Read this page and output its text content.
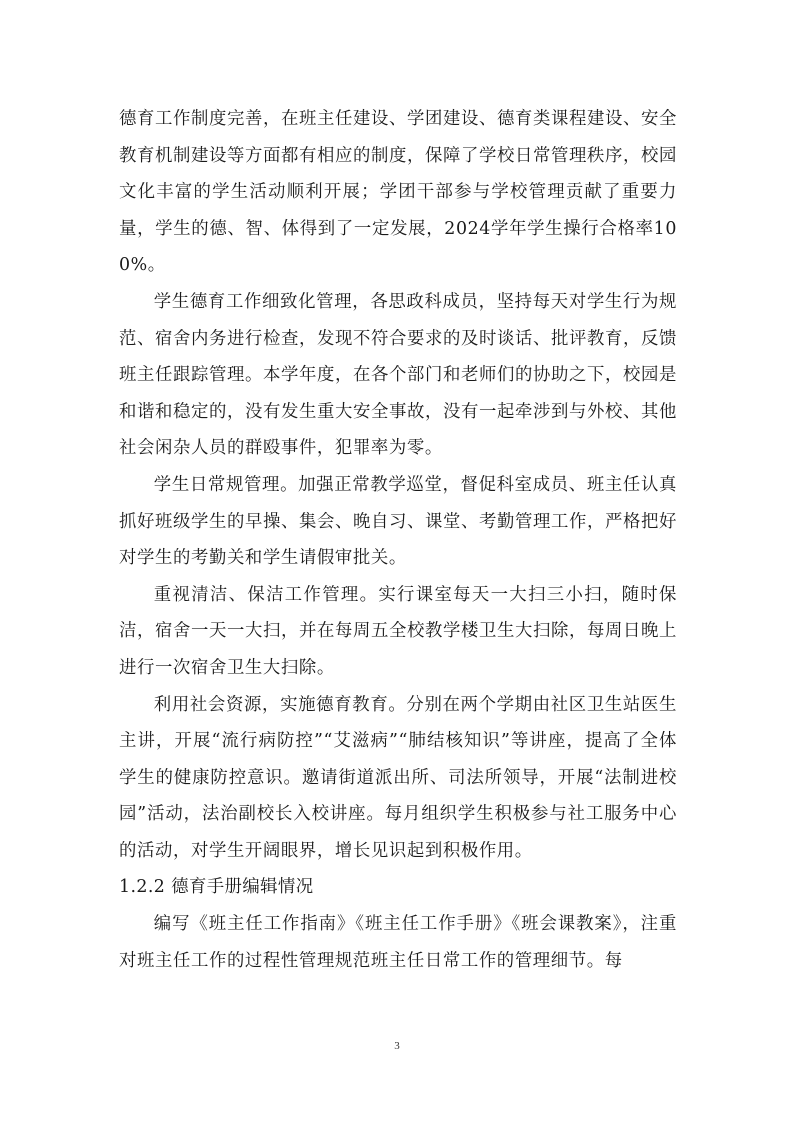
德育工作制度完善，在班主任建设、学团建设、德育类课程建设、安全教育机制建设等方面都有相应的制度，保障了学校日常管理秩序，校园文化丰富的学生活动顺利开展；学团干部参与学校管理贡献了重要力量，学生的德、智、体得到了一定发展，2024学年学生操行合格率100%。

学生德育工作细致化管理，各思政科成员，坚持每天对学生行为规范、宿舍内务进行检查，发现不符合要求的及时谈话、批评教育，反馈班主任跟踪管理。本学年度，在各个部门和老师们的协助之下，校园是和谐和稳定的，没有发生重大安全事故，没有一起牵涉到与外校、其他社会闲杂人员的群殴事件，犯罪率为零。

学生日常规管理。加强正常教学巡堂，督促科室成员、班主任认真抓好班级学生的早操、集会、晚自习、课堂、考勤管理工作，严格把好对学生的考勤关和学生请假审批关。

重视清洁、保洁工作管理。实行课室每天一大扫三小扫，随时保洁，宿舍一天一大扫，并在每周五全校教学楼卫生大扫除，每周日晚上进行一次宿舍卫生大扫除。

利用社会资源，实施德育教育。分别在两个学期由社区卫生站医生主讲，开展“流行病防控”“艾滋病”“肺结核知识”等讲座，提高了全体学生的健康防控意识。邀请街道派出所、司法所领导，开展“法制进校园”活动，法治副校长入校讲座。每月组织学生积极参与社工服务中心的活动，对学生开阔眼界，增长见识起到积极作用。

1.2.2 德育手册编辑情况

编写《班主任工作指南》《班主任工作手册》《班会课教案》，注重对班主任工作的过程性管理规范班主任日常工作的管理细节。每

3
